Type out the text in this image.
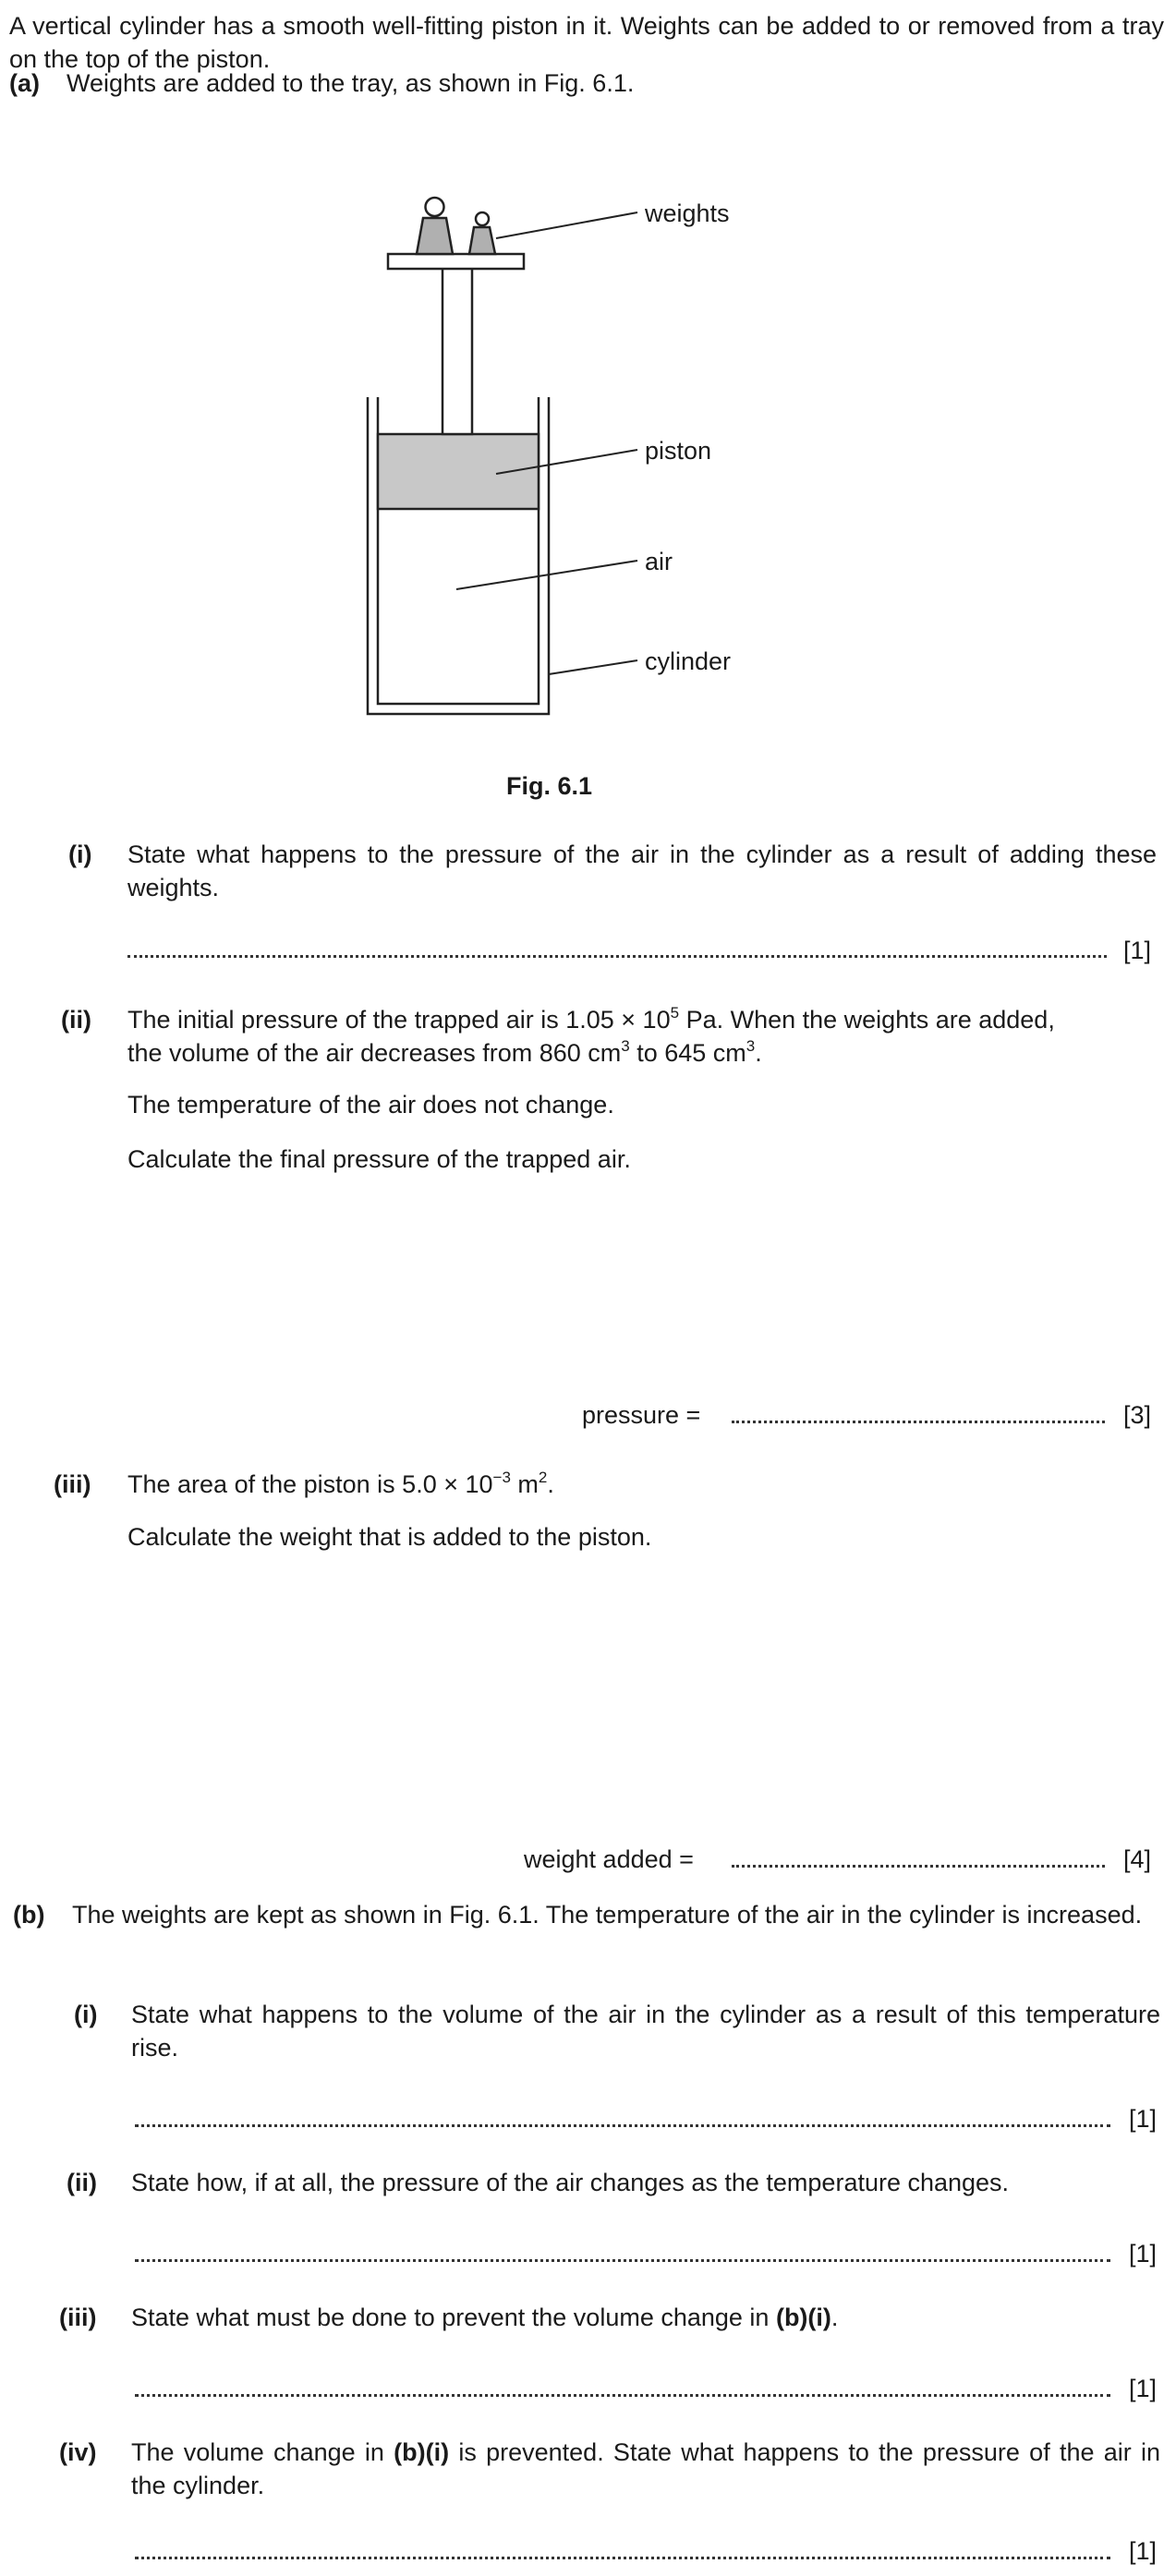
A vertical cylinder has a smooth well-fitting piston in it. Weights can be added to or removed from a tray on the top of the piston.

(a) Weights are added to the tray, as shown in Fig. 6.1.

weights
piston
air
cylinder

Fig. 6.1

(i) State what happens to the pressure of the air in the cylinder as a result of adding these weights.

[1]
(ii) The initial pressure of the trapped air is $1.05 \times 10^5$ Pa. When the weights are added,
the volume of the air decreases from 860 $cm^3$ to 645 $cm^3$.

The temperature of the air does not change.

Calculate the final pressure of the trapped air.

pressure =	[3]
(iii) The area of the piston is $5.0 \times 10^{-3}$ $m^2$.

Calculate the weight that is added to the piston.

weight added =	[4]
(b) The weights are kept as shown in Fig. 6.1. The temperature of the air in the cylinder is increased.

(i) State what happens to the volume of the air in the cylinder as a result of this temperature rise.

[1]
(ii) State how, if at all, the pressure of the air changes as the temperature changes.

[1]
(iii) State what must be done to prevent the volume change in (b)(i).

[1]
(iv) The volume change in (b)(i) is prevented. State what happens to the pressure of the air in the cylinder.

[1]
